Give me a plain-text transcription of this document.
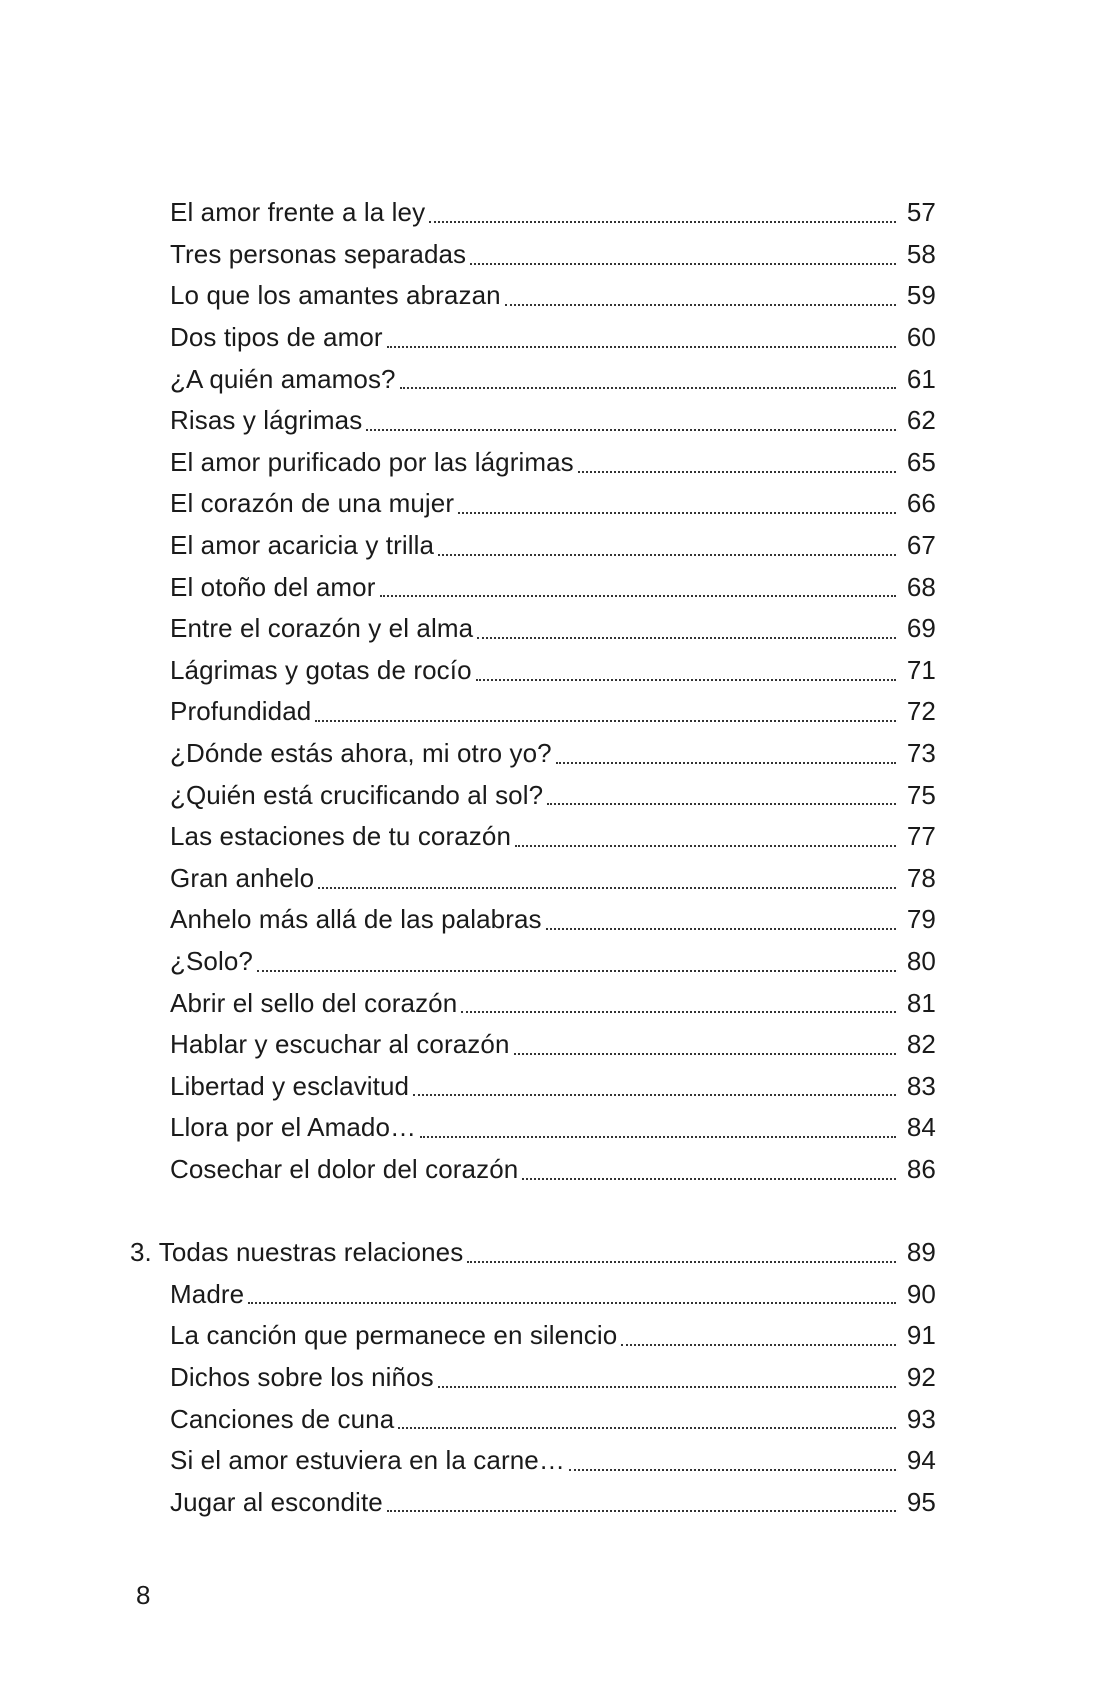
El amor frente a la ley	57
Tres personas separadas	58
Lo que los amantes abrazan	59
Dos tipos de amor	60
¿A quién amamos?	61
Risas y lágrimas	62
El amor purificado por las lágrimas	65
El corazón de una mujer	66
El amor acaricia y trilla	67
El otoño del amor	68
Entre el corazón y el alma	69
Lágrimas y gotas de rocío	71
Profundidad	72
¿Dónde estás ahora, mi otro yo?	73
¿Quién está crucificando al sol?	75
Las estaciones de tu corazón	77
Gran anhelo	78
Anhelo más allá de las palabras	79
¿Solo?	80
Abrir el sello del corazón	81
Hablar y escuchar al corazón	82
Libertad y esclavitud	83
Llora por el Amado…	84
Cosechar el dolor del corazón	86
3. Todas nuestras relaciones	89
Madre	90
La canción que permanece en silencio	91
Dichos sobre los niños	92
Canciones de cuna	93
Si el amor estuviera en la carne…	94
Jugar al escondite	95
8
